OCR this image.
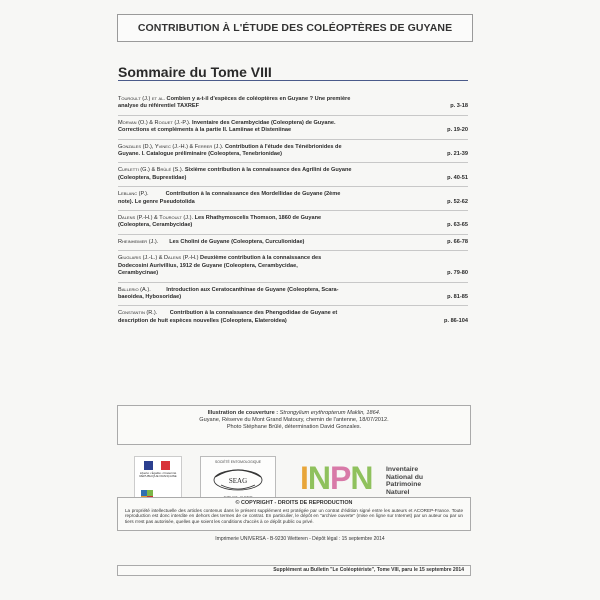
CONTRIBUTION À L'ÉTUDE DES COLÉOPTÈRES DE GUYANE
Sommaire du Tome VIII
Touroult (J.) et al. Combien y a-t-il d'espèces de coléoptères en Guyane ? Une première
analyse du référentiel TAXREF	p. 3-18
Morvan (O.) & Roguet (J.-P.). Inventaire des Cerambycidae (Coleoptera) de Guyane.
Corrections et compléments à la partie II. Lamiinae et Disteniinae	p. 19-20
Gonzales (D.), Yvinec (J.-H.) & Ferrer (J.). Contribution à l'étude des Ténébrionides de
Guyane. I. Catalogue préliminaire (Coleoptera, Tenebrionidae)	p. 21-39
Curletti (G.) & Brûlé (S.). Sixième contribution à la connaissance des Agrilini de Guyane
(Coleoptera, Buprestidae)	p. 40-51
Leblanc (P.).           Contribution à la connaissance des Mordellidae de Guyane (2ème
note). Le genre Pseudotolida	p. 52-62
Dalens (P.-H.) & Touroult (J.). Les Rhathymoscelis Thomson, 1860 de Guyane
(Coleoptera, Cerambycidae)	p. 63-65
Rheinheimer (J.).       Les Cholini de Guyane (Coleoptera, Curculionidae)	p. 66-78
Giuglaris (J.-L.) & Dalens (P.-H.) Deuxième contribution à la connaissance des
Dodecosini Aurivillius, 1912 de Guyane (Coleoptera, Cerambycidae,
Cerambycinae)	p. 79-80
Ballerio (A.).          Introduction aux Ceratocanthinae de Guyane (Coleoptera, Scara-
baeoidea, Hybosoridae)	p. 81-85
Constantin (R.).        Contribution à la connaissance des Phengodidae de Guyane et
description de huit espèces nouvelles (Coleoptera, Elateroidea)	p. 86-104
Illustration de couverture : Strongylium erythropterum Maklin, 1864.
Guyane, Réserve du Mont Grand Matoury, chemin de l'antenne, 18/07/2012.
Photo Stéphane Brûlé, détermination David Gonzales.
Liberté • Égalité • Fraternité RÉPUBLIQUE FRANÇAISE

SOCIÉTÉ ENTOMOLOGIQUE
SEAG INPN Inventaire
National du
Patrimoine
Naturel
© COPYRIGHT - DROITS DE REPRODUCTION
La propriété intellectuelle des articles contenus dans le présent supplément est protégée par un contrat d'édition signé entre les auteurs et ACOREP-France. Toute reproduction est donc interdite en dehors des termes de ce contrat. En particulier, le dépôt en "archive ouverte" (mise en ligne sur Internet) par un auteur ou par un tiers n'est pas autorisée, quelles que soient les conditions d'accès à ce dépôt public ou privé.
Imprimerie UNIVERSA - B-9230 Wetteren - Dépôt légal : 15 septembre 2014
Supplément au Bulletin "Le Coléoptériste", Tome VIII, paru le 15 septembre 2014
